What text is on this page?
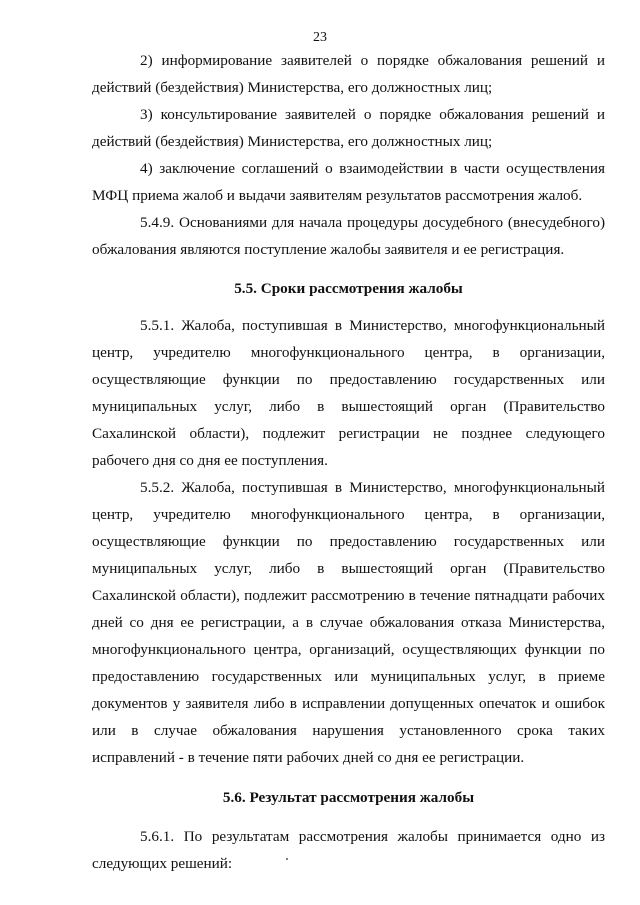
23

2) информирование заявителей о порядке обжалования решений и действий (бездействия) Министерства, его должностных лиц;

3) консультирование заявителей о порядке обжалования решений и действий (бездействия) Министерства, его должностных лиц;

4) заключение соглашений о взаимодействии в части осуществления МФЦ приема жалоб и выдачи заявителям результатов рассмотрения жалоб.

5.4.9. Основаниями для начала процедуры досудебного (внесудебного) обжалования являются поступление жалобы заявителя и ее регистрация.

5.5. Сроки рассмотрения жалобы

5.5.1. Жалоба, поступившая в Министерство, многофункциональный центр, учредителю многофункционального центра, в организации, осуществляющие функции по предоставлению государственных или муниципальных услуг, либо в вышестоящий орган (Правительство Сахалинской области), подлежит регистрации не позднее следующего рабочего дня со дня ее поступления.

5.5.2. Жалоба, поступившая в Министерство, многофункциональный центр, учредителю многофункционального центра, в организации, осуществляющие функции по предоставлению государственных или муниципальных услуг, либо в вышестоящий орган (Правительство Сахалинской области), подлежит рассмотрению в течение пятнадцати рабочих дней со дня ее регистрации, а в случае обжалования отказа Министерства, многофункционального центра, организаций, осуществляющих функции по предоставлению государственных или муниципальных услуг, в приеме документов у заявителя либо в исправлении допущенных опечаток и ошибок или в случае обжалования нарушения установленного срока таких исправлений - в течение пяти рабочих дней со дня ее регистрации.

5.6. Результат рассмотрения жалобы

5.6.1. По результатам рассмотрения жалобы принимается одно из следующих решений:
